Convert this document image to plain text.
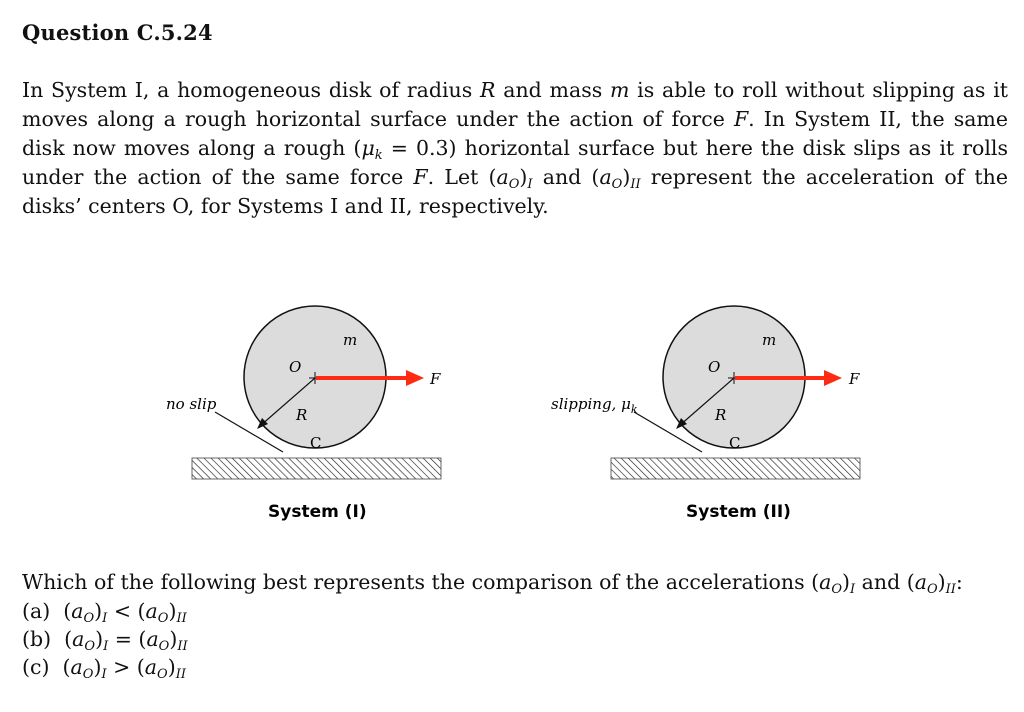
Question C.5.24
In System I, a homogeneous disk of radius R and mass m is able to roll without slipping as it moves along a rough horizontal surface under the action of force F. In System II, the same disk now moves along a rough $(\mu_k = 0.3)$ horizontal surface but here the disk slips as it rolls under the action of the same force F. Let $(a_O)_I$ and $(a_O)_{II}$ represent the acceleration of the disks’ centers O, for Systems I and II, respectively.
m
O
R
C
F
no slip
System (I)
m
O
R
C
F
slipping, $\mu_k$
System (II)
Which of the following best represents the comparison of the accelerations $(a_O)_I$ and $(a_O)_{II}$:
(a) $(a_O)_I < (a_O)_{II}$
(b) $(a_O)_I = (a_O)_{II}$
(c) $(a_O)_I > (a_O)_{II}$
